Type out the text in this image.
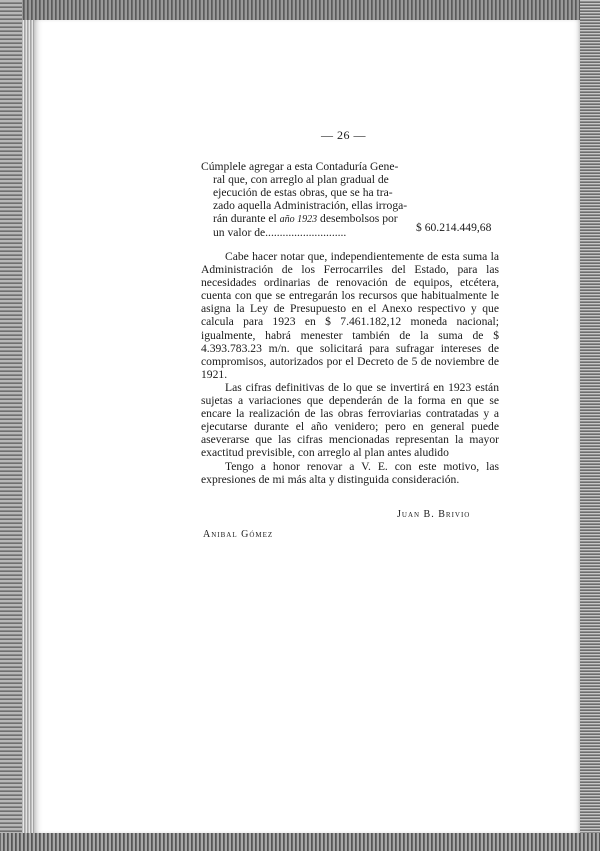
— 26 —
Cúmplele agregar a esta Contaduría Gene-
ral que, con arreglo al plan gradual de
ejecución de estas obras, que se ha tra-
zado aquella Administración, ellas irroga-
rán durante el año 1923 desembolsos por
un valor de............................	$ 60.214.449,68

Cabe hacer notar que, independientemente de esta suma la Administración de los Ferrocarriles del Estado, para las necesidades ordinarias de renovación de equipos, etcétera, cuenta con que se entregarán los recursos que habitualmente le asigna la Ley de Presupuesto en el Anexo respectivo y que calcula para 1923 en $ 7.461.182,12 moneda nacional; igualmente, habrá menester también de la suma de $ 4.393.783.23 m/n. que solicitará para sufragar intereses de compromisos, autorizados por el Decreto de 5 de noviembre de 1921.

Las cifras definitivas de lo que se invertirá en 1923 están sujetas a variaciones que dependerán de la forma en que se encare la realización de las obras ferroviarias contratadas y a ejecutarse durante el año venidero; pero en general puede aseverarse que las cifras mencionadas representan la mayor exactitud previsible, con arreglo al plan antes aludido

Tengo a honor renovar a V. E. con este motivo, las expresiones de mi más alta y distinguida consideración.

Juan B. Brivio
Anibal Gómez
